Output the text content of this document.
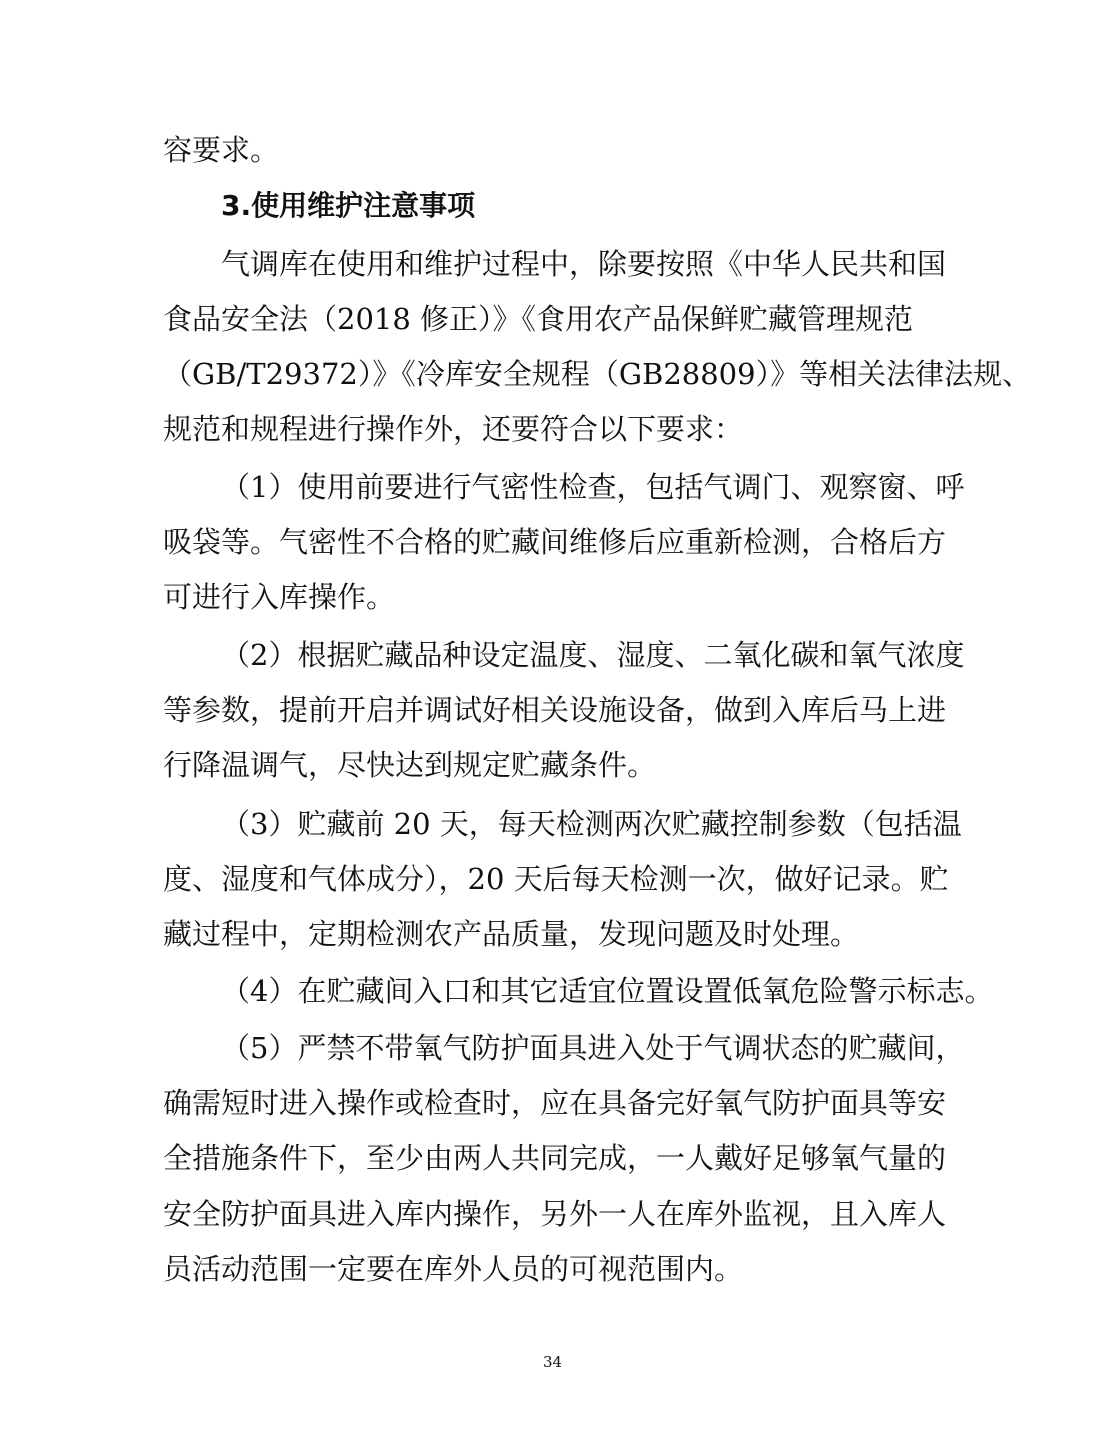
容要求。
3.使用维护注意事项
气调库在使用和维护过程中，除要按照《中华人民共和国
食品安全法（2018 修正）》《食用农产品保鲜贮藏管理规范
（GB/T29372）》《冷库安全规程（GB28809）》等相关法律法规、
规范和规程进行操作外，还要符合以下要求：
（1）使用前要进行气密性检查，包括气调门、观察窗、呼
吸袋等。气密性不合格的贮藏间维修后应重新检测，合格后方
可进行入库操作。
（2）根据贮藏品种设定温度、湿度、二氧化碳和氧气浓度
等参数，提前开启并调试好相关设施设备，做到入库后马上进
行降温调气，尽快达到规定贮藏条件。
（3）贮藏前 20 天，每天检测两次贮藏控制参数（包括温
度、湿度和气体成分），20 天后每天检测一次，做好记录。贮
藏过程中，定期检测农产品质量，发现问题及时处理。
（4）在贮藏间入口和其它适宜位置设置低氧危险警示标志。
（5）严禁不带氧气防护面具进入处于气调状态的贮藏间，
确需短时进入操作或检查时，应在具备完好氧气防护面具等安
全措施条件下，至少由两人共同完成，一人戴好足够氧气量的
安全防护面具进入库内操作，另外一人在库外监视，且入库人
员活动范围一定要在库外人员的可视范围内。
34
